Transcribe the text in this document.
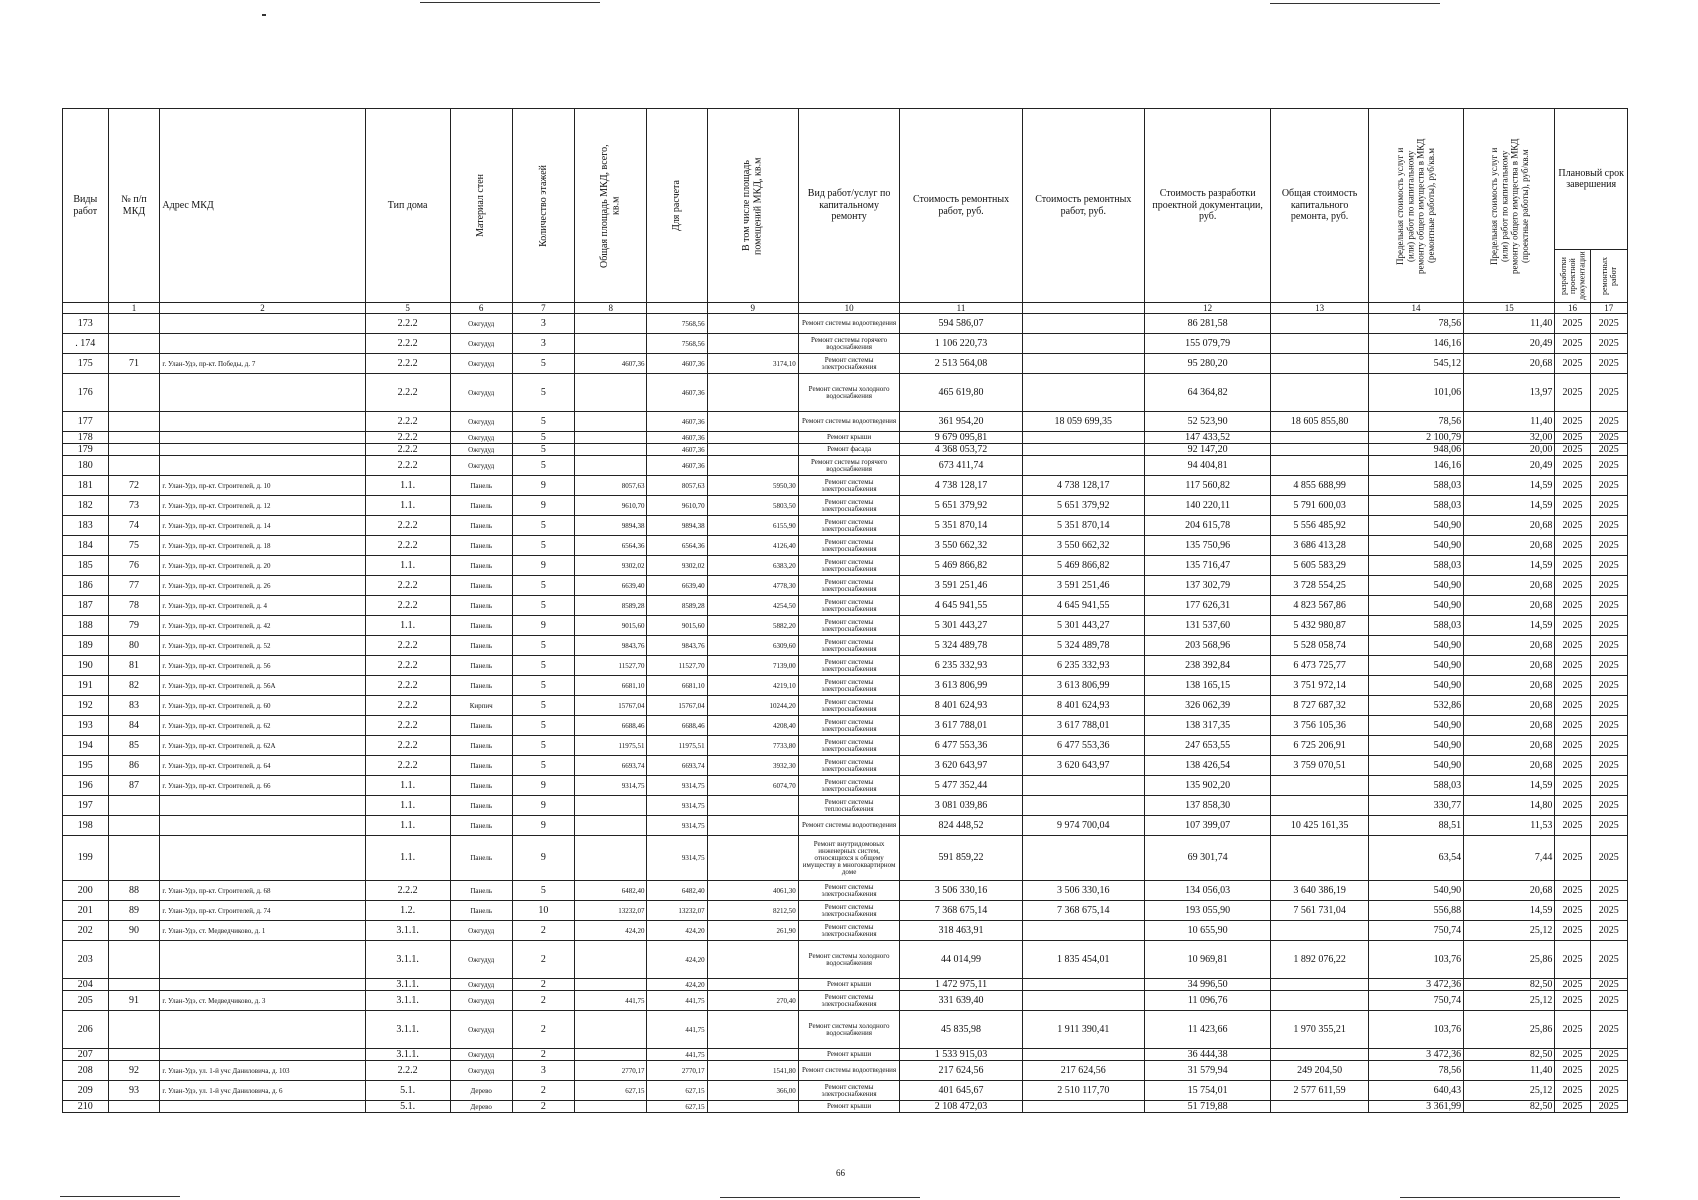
Виды работ	№ п/п МКД	Адрес МКД	Тип дома	Материал стен	Количество этажей	Общая площадь МКД, всего, кв.м	Для расчета	В том числе площадь помещений МКД, кв.м	Вид работ/услуг по капитальному ремонту	Стоимость ремонтных работ, руб.	Стоимость ремонтных работ, руб.	Стоимость разработки проектной документации, руб.	Общая стоимость капитального ремонта, руб.	Предельная стоимость услуг и (или) работ по капитальному ремонту общего имущества в МКД (ремонтные работы), руб/кв.м	Предельная стоимость услуг и (или) работ по капитальному ремонту общего имущества в МКД (проектные работы), руб/кв.м	Плановый срок завершения	

																разработки проектной документации	ремонтных работ

	1	2	5	6	7	8		9	10	11		12	13	14	15	16	17
173			2.2.2	Ожгудуд	3		7568,56		Ремонт системы водоотведения	594 586,07		86 281,58		78,56	11,40	2025	2025
. 174			2.2.2	Ожгудуд	3		7568,56		Ремонт системы горячего водоснабжения	1 106 220,73		155 079,79		146,16	20,49	2025	2025
175	71	г. Улан-Удэ, пр-кт. Победы, д. 7	2.2.2	Ожгудуд	5	4607,36	4607,36	3174,10	Ремонт системы электроснабжения	2 513 564,08		95 280,20		545,12	20,68	2025	2025
176			2.2.2	Ожгудуд	5		4607,36		Ремонт системы холодного водоснабжения	465 619,80		64 364,82		101,06	13,97	2025	2025
177			2.2.2	Ожгудуд	5		4607,36		Ремонт системы водоотведения	361 954,20	18 059 699,35	52 523,90	18 605 855,80	78,56	11,40	2025	2025
178			2.2.2	Ожгудуд	5		4607,36		Ремонт крыши	9 679 095,81		147 433,52		2 100,79	32,00	2025	2025
179			2.2.2	Ожгудуд	5		4607,36		Ремонт фасада	4 368 053,72		92 147,20		948,06	20,00	2025	2025
180			2.2.2	Ожгудуд	5		4607,36		Ремонт системы горячего водоснабжения	673 411,74		94 404,81		146,16	20,49	2025	2025
181	72	г. Улан-Удэ, пр-кт. Строителей, д. 10	1.1.	Панель	9	8057,63	8057,63	5950,30	Ремонт системы электроснабжения	4 738 128,17	4 738 128,17	117 560,82	4 855 688,99	588,03	14,59	2025	2025
182	73	г. Улан-Удэ, пр-кт. Строителей, д. 12	1.1.	Панель	9	9610,70	9610,70	5803,50	Ремонт системы электроснабжения	5 651 379,92	5 651 379,92	140 220,11	5 791 600,03	588,03	14,59	2025	2025
183	74	г. Улан-Удэ, пр-кт. Строителей, д. 14	2.2.2	Панель	5	9894,38	9894,38	6155,90	Ремонт системы электроснабжения	5 351 870,14	5 351 870,14	204 615,78	5 556 485,92	540,90	20,68	2025	2025
184	75	г. Улан-Удэ, пр-кт. Строителей, д. 18	2.2.2	Панель	5	6564,36	6564,36	4126,40	Ремонт системы электроснабжения	3 550 662,32	3 550 662,32	135 750,96	3 686 413,28	540,90	20,68	2025	2025
185	76	г. Улан-Удэ, пр-кт. Строителей, д. 20	1.1.	Панель	9	9302,02	9302,02	6383,20	Ремонт системы электроснабжения	5 469 866,82	5 469 866,82	135 716,47	5 605 583,29	588,03	14,59	2025	2025
186	77	г. Улан-Удэ, пр-кт. Строителей, д. 26	2.2.2	Панель	5	6639,40	6639,40	4778,30	Ремонт системы электроснабжения	3 591 251,46	3 591 251,46	137 302,79	3 728 554,25	540,90	20,68	2025	2025
187	78	г. Улан-Удэ, пр-кт. Строителей, д. 4	2.2.2	Панель	5	8589,28	8589,28	4254,50	Ремонт системы электроснабжения	4 645 941,55	4 645 941,55	177 626,31	4 823 567,86	540,90	20,68	2025	2025
188	79	г. Улан-Удэ, пр-кт. Строителей, д. 42	1.1.	Панель	9	9015,60	9015,60	5882,20	Ремонт системы электроснабжения	5 301 443,27	5 301 443,27	131 537,60	5 432 980,87	588,03	14,59	2025	2025
189	80	г. Улан-Удэ, пр-кт. Строителей, д. 52	2.2.2	Панель	5	9843,76	9843,76	6309,60	Ремонт системы электроснабжения	5 324 489,78	5 324 489,78	203 568,96	5 528 058,74	540,90	20,68	2025	2025
190	81	г. Улан-Удэ, пр-кт. Строителей, д. 56	2.2.2	Панель	5	11527,70	11527,70	7139,00	Ремонт системы электроснабжения	6 235 332,93	6 235 332,93	238 392,84	6 473 725,77	540,90	20,68	2025	2025
191	82	г. Улан-Удэ, пр-кт. Строителей, д. 56А	2.2.2	Панель	5	6681,10	6681,10	4219,10	Ремонт системы электроснабжения	3 613 806,99	3 613 806,99	138 165,15	3 751 972,14	540,90	20,68	2025	2025
192	83	г. Улан-Удэ, пр-кт. Строителей, д. 60	2.2.2	Кирпич	5	15767,04	15767,04	10244,20	Ремонт системы электроснабжения	8 401 624,93	8 401 624,93	326 062,39	8 727 687,32	532,86	20,68	2025	2025
193	84	г. Улан-Удэ, пр-кт. Строителей, д. 62	2.2.2	Панель	5	6688,46	6688,46	4208,40	Ремонт системы электроснабжения	3 617 788,01	3 617 788,01	138 317,35	3 756 105,36	540,90	20,68	2025	2025
194	85	г. Улан-Удэ, пр-кт. Строителей, д. 62А	2.2.2	Панель	5	11975,51	11975,51	7733,80	Ремонт системы электроснабжения	6 477 553,36	6 477 553,36	247 653,55	6 725 206,91	540,90	20,68	2025	2025
195	86	г. Улан-Удэ, пр-кт. Строителей, д. 64	2.2.2	Панель	5	6693,74	6693,74	3932,30	Ремонт системы электроснабжения	3 620 643,97	3 620 643,97	138 426,54	3 759 070,51	540,90	20,68	2025	2025
196	87	г. Улан-Удэ, пр-кт. Строителей, д. 66	1.1.	Панель	9	9314,75	9314,75	6074,70	Ремонт системы электроснабжения	5 477 352,44		135 902,20		588,03	14,59	2025	2025
197			1.1.	Панель	9		9314,75		Ремонт системы теплоснабжения	3 081 039,86		137 858,30		330,77	14,80	2025	2025
198			1.1.	Панель	9		9314,75		Ремонт системы водоотведения	824 448,52	9 974 700,04	107 399,07	10 425 161,35	88,51	11,53	2025	2025
199			1.1.	Панель	9		9314,75		Ремонт внутридомовых инженерных систем, относящихся к общему имуществу в многоквартирном доме	591 859,22		69 301,74		63,54	7,44	2025	2025
200	88	г. Улан-Удэ, пр-кт. Строителей, д. 68	2.2.2	Панель	5	6482,40	6482,40	4061,30	Ремонт системы электроснабжения	3 506 330,16	3 506 330,16	134 056,03	3 640 386,19	540,90	20,68	2025	2025
201	89	г. Улан-Удэ, пр-кт. Строителей, д. 74	1.2.	Панель	10	13232,07	13232,07	8212,50	Ремонт системы электроснабжения	7 368 675,14	7 368 675,14	193 055,90	7 561 731,04	556,88	14,59	2025	2025
202	90	г. Улан-Удэ, ст. Медведчиково, д. 1	3.1.1.	Ожгудуд	2	424,20	424,20	261,90	Ремонт системы электроснабжения	318 463,91		10 655,90		750,74	25,12	2025	2025
203			3.1.1.	Ожгудуд	2		424,20		Ремонт системы холодного водоснабжения	44 014,99	1 835 454,01	10 969,81	1 892 076,22	103,76	25,86	2025	2025
204			3.1.1.	Ожгудуд	2		424,20		Ремонт крыши	1 472 975,11		34 996,50		3 472,36	82,50	2025	2025
205	91	г. Улан-Удэ, ст. Медведчиково, д. 3	3.1.1.	Ожгудуд	2	441,75	441,75	270,40	Ремонт системы электроснабжения	331 639,40		11 096,76		750,74	25,12	2025	2025
206			3.1.1.	Ожгудуд	2		441,75		Ремонт системы холодного водоснабжения	45 835,98	1 911 390,41	11 423,66	1 970 355,21	103,76	25,86	2025	2025
207			3.1.1.	Ожгудуд	2		441,75		Ремонт крыши	1 533 915,03		36 444,38		3 472,36	82,50	2025	2025
208	92	г. Улан-Удэ, ул. 1-й учс Даниловича, д. 103	2.2.2	Ожгудуд	3	2770,17	2770,17	1541,80	Ремонт системы водоотведения	217 624,56	217 624,56	31 579,94	249 204,50	78,56	11,40	2025	2025
209	93	г. Улан-Удэ, ул. 1-й учс Даниловича, д. 6	5.1.	Дерево	2	627,15	627,15	366,00	Ремонт системы электроснабжения	401 645,67	2 510 117,70	15 754,01	2 577 611,59	640,43	25,12	2025	2025
210			5.1.	Дерево	2		627,15		Ремонт крыши	2 108 472,03		51 719,88		3 361,99	82,50	2025	2025
66
